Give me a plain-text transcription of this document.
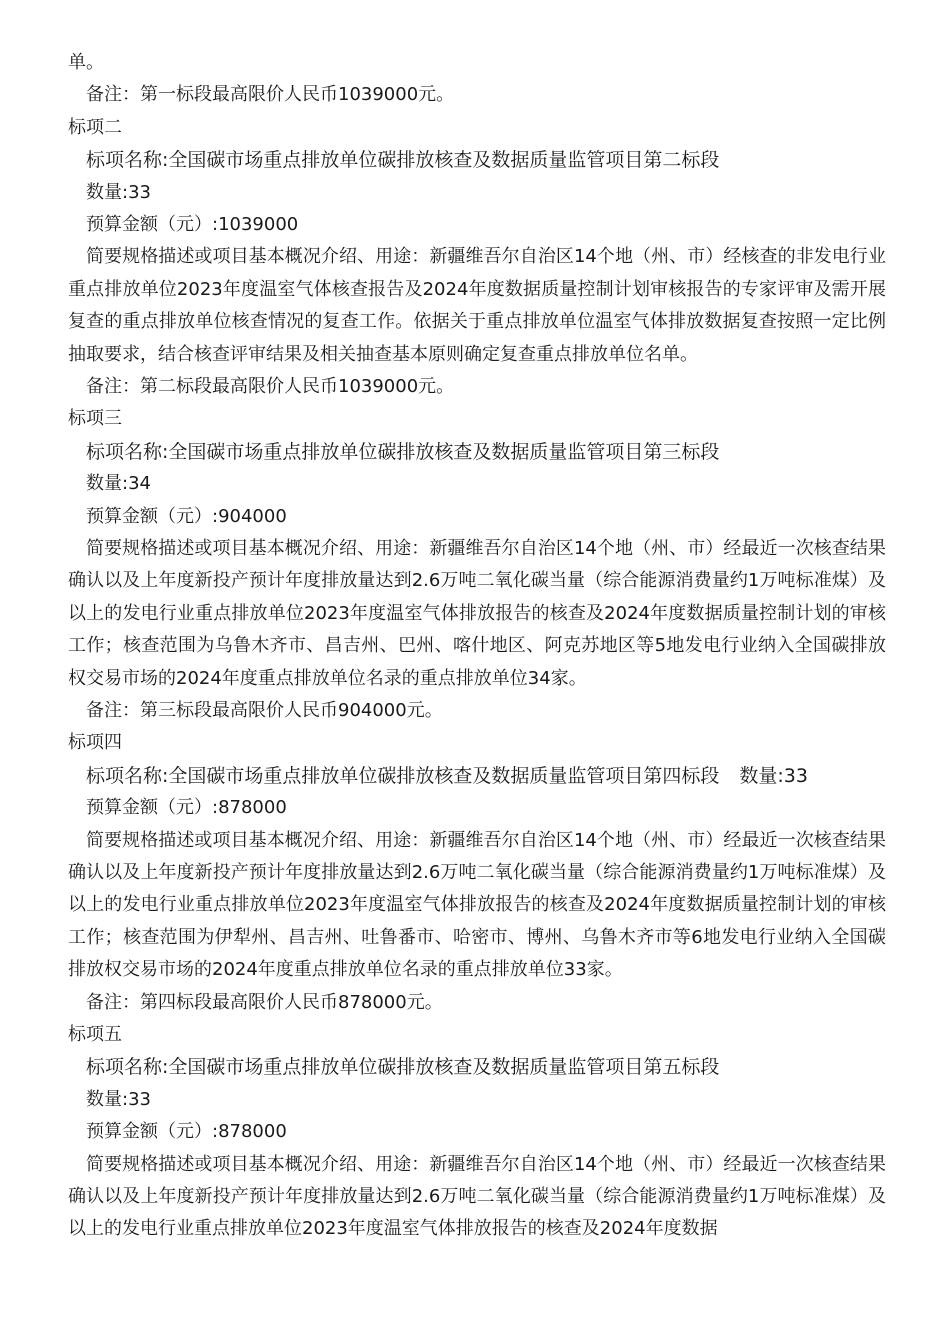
单。
备注：第一标段最高限价人民币1039000元。
标项二
标项名称:全国碳市场重点排放单位碳排放核查及数据质量监管项目第二标段
数量:33
预算金额（元）:1039000
简要规格描述或项目基本概况介绍、用途：新疆维吾尔自治区14个地（州、市）经核查的非发电行业重点排放单位2023年度温室气体核查报告及2024年度数据质量控制计划审核报告的专家评审及需开展复查的重点排放单位核查情况的复查工作。依据关于重点排放单位温室气体排放数据复查按照一定比例抽取要求，结合核查评审结果及相关抽查基本原则确定复查重点排放单位名单。
备注：第二标段最高限价人民币1039000元。
标项三
标项名称:全国碳市场重点排放单位碳排放核查及数据质量监管项目第三标段
数量:34
预算金额（元）:904000
简要规格描述或项目基本概况介绍、用途：新疆维吾尔自治区14个地（州、市）经最近一次核查结果确认以及上年度新投产预计年度排放量达到2.6万吨二氧化碳当量（综合能源消费量约1万吨标准煤）及以上的发电行业重点排放单位2023年度温室气体排放报告的核查及2024年度数据质量控制计划的审核工作；核查范围为乌鲁木齐市、昌吉州、巴州、喀什地区、阿克苏地区等5地发电行业纳入全国碳排放权交易市场的2024年度重点排放单位名录的重点排放单位34家。
备注：第三标段最高限价人民币904000元。
标项四
标项名称:全国碳市场重点排放单位碳排放核查及数据质量监管项目第四标段 数量:33
预算金额（元）:878000
简要规格描述或项目基本概况介绍、用途：新疆维吾尔自治区14个地（州、市）经最近一次核查结果确认以及上年度新投产预计年度排放量达到2.6万吨二氧化碳当量（综合能源消费量约1万吨标准煤）及以上的发电行业重点排放单位2023年度温室气体排放报告的核查及2024年度数据质量控制计划的审核工作；核查范围为伊犁州、昌吉州、吐鲁番市、哈密市、博州、乌鲁木齐市等6地发电行业纳入全国碳排放权交易市场的2024年度重点排放单位名录的重点排放单位33家。
备注：第四标段最高限价人民币878000元。
标项五
标项名称:全国碳市场重点排放单位碳排放核查及数据质量监管项目第五标段
数量:33
预算金额（元）:878000
简要规格描述或项目基本概况介绍、用途：新疆维吾尔自治区14个地（州、市）经最近一次核查结果确认以及上年度新投产预计年度排放量达到2.6万吨二氧化碳当量（综合能源消费量约1万吨标准煤）及以上的发电行业重点排放单位2023年度温室气体排放报告的核查及2024年度数据
